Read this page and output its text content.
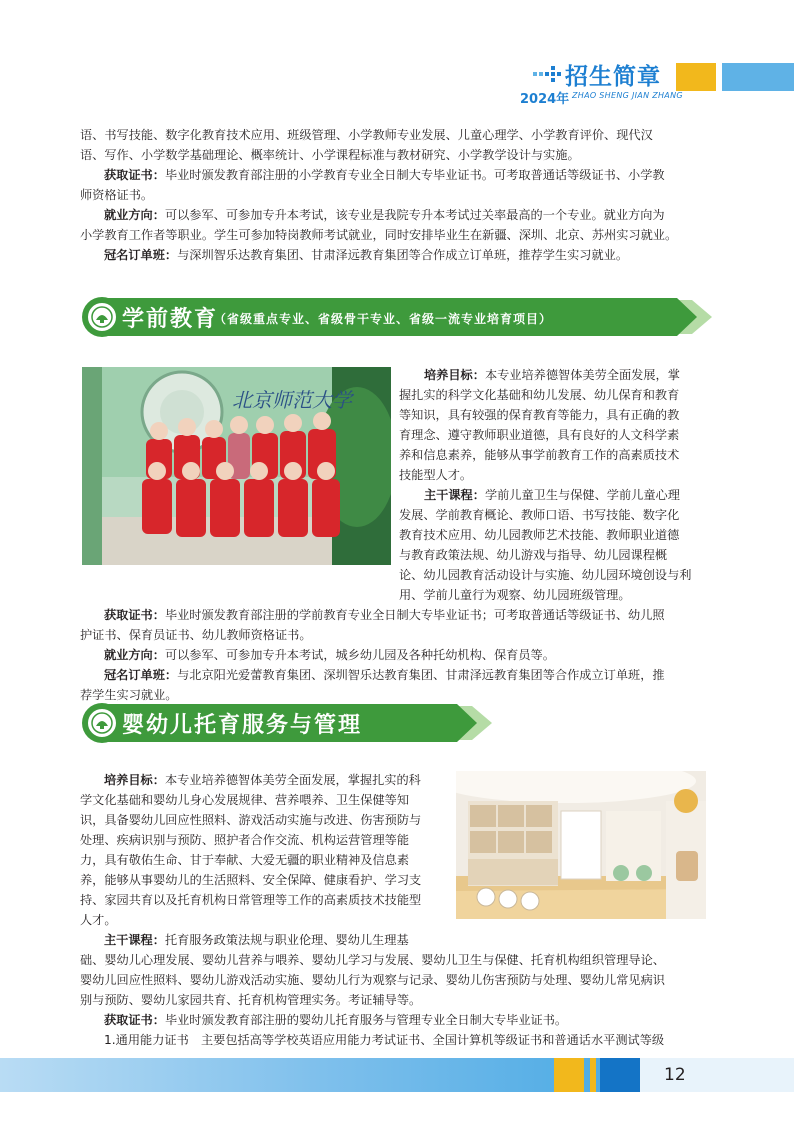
招生简章
2024年 ZHAO SHENG JIAN ZHANG
语、书写技能、数字化教育技术应用、班级管理、小学教师专业发展、儿童心理学、小学教育评价、现代汉
语、写作、小学数学基础理论、概率统计、小学课程标准与教材研究、小学教学设计与实施。
获取证书：毕业时颁发教育部注册的小学教育专业全日制大专毕业证书。可考取普通话等级证书、小学教
师资格证书。
就业方向：可以参军、可参加专升本考试，该专业是我院专升本考试过关率最高的一个专业。就业方向为
小学教育工作者等职业。学生可参加特岗教师考试就业，同时安排毕业生在新疆、深圳、北京、苏州实习就业。
冠名订单班：与深圳智乐达教育集团、甘肃泽远教育集团等合作成立订单班，推荐学生实习就业。
学前教育
（省级重点专业、省级骨干专业、省级一流专业培育项目）
北京师范大学
培养目标：本专业培养德智体美劳全面发展，掌
握扎实的科学文化基础和幼儿发展、幼儿保育和教育
等知识，具有较强的保育教育等能力，具有正确的教
育理念、遵守教师职业道德，具有良好的人文科学素
养和信息素养，能够从事学前教育工作的高素质技术
技能型人才。
主干课程：学前儿童卫生与保健、学前儿童心理
发展、学前教育概论、教师口语、书写技能、数字化
教育技术应用、幼儿园教师艺术技能、教师职业道德
与教育政策法规、幼儿游戏与指导、幼儿园课程概
论、幼儿园教育活动设计与实施、幼儿园环境创设与利
用、学前儿童行为观察、幼儿园班级管理。
获取证书：毕业时颁发教育部注册的学前教育专业全日制大专毕业证书；可考取普通话等级证书、幼儿照
护证书、保育员证书、幼儿教师资格证书。
就业方向：可以参军、可参加专升本考试，城乡幼儿园及各种托幼机构、保育员等。
冠名订单班：与北京阳光爱蕾教育集团、深圳智乐达教育集团、甘肃泽远教育集团等合作成立订单班，推
荐学生实习就业。
婴幼儿托育服务与管理
培养目标：本专业培养德智体美劳全面发展，掌握扎实的科
学文化基础和婴幼儿身心发展规律、营养喂养、卫生保健等知
识，具备婴幼儿回应性照料、游戏活动实施与改进、伤害预防与
处理、疾病识别与预防、照护者合作交流、机构运营管理等能
力，具有敬佑生命、甘于奉献、大爱无疆的职业精神及信息素
养，能够从事婴幼儿的生活照料、安全保障、健康看护、学习支
持、家园共育以及托育机构日常管理等工作的高素质技术技能型
人才。
主干课程：托育服务政策法规与职业伦理、婴幼儿生理基
础、婴幼儿心理发展、婴幼儿营养与喂养、婴幼儿学习与发展、婴幼儿卫生与保健、托育机构组织管理导论、
婴幼儿回应性照料、婴幼儿游戏活动实施、婴幼儿行为观察与记录、婴幼儿伤害预防与处理、婴幼儿常见病识
别与预防、婴幼儿家园共育、托育机构管理实务。考证辅导等。
获取证书：毕业时颁发教育部注册的婴幼儿托育服务与管理专业全日制大专毕业证书。
1.通用能力证书　主要包括高等学校英语应用能力考试证书、全国计算机等级证书和普通话水平测试等级
12
